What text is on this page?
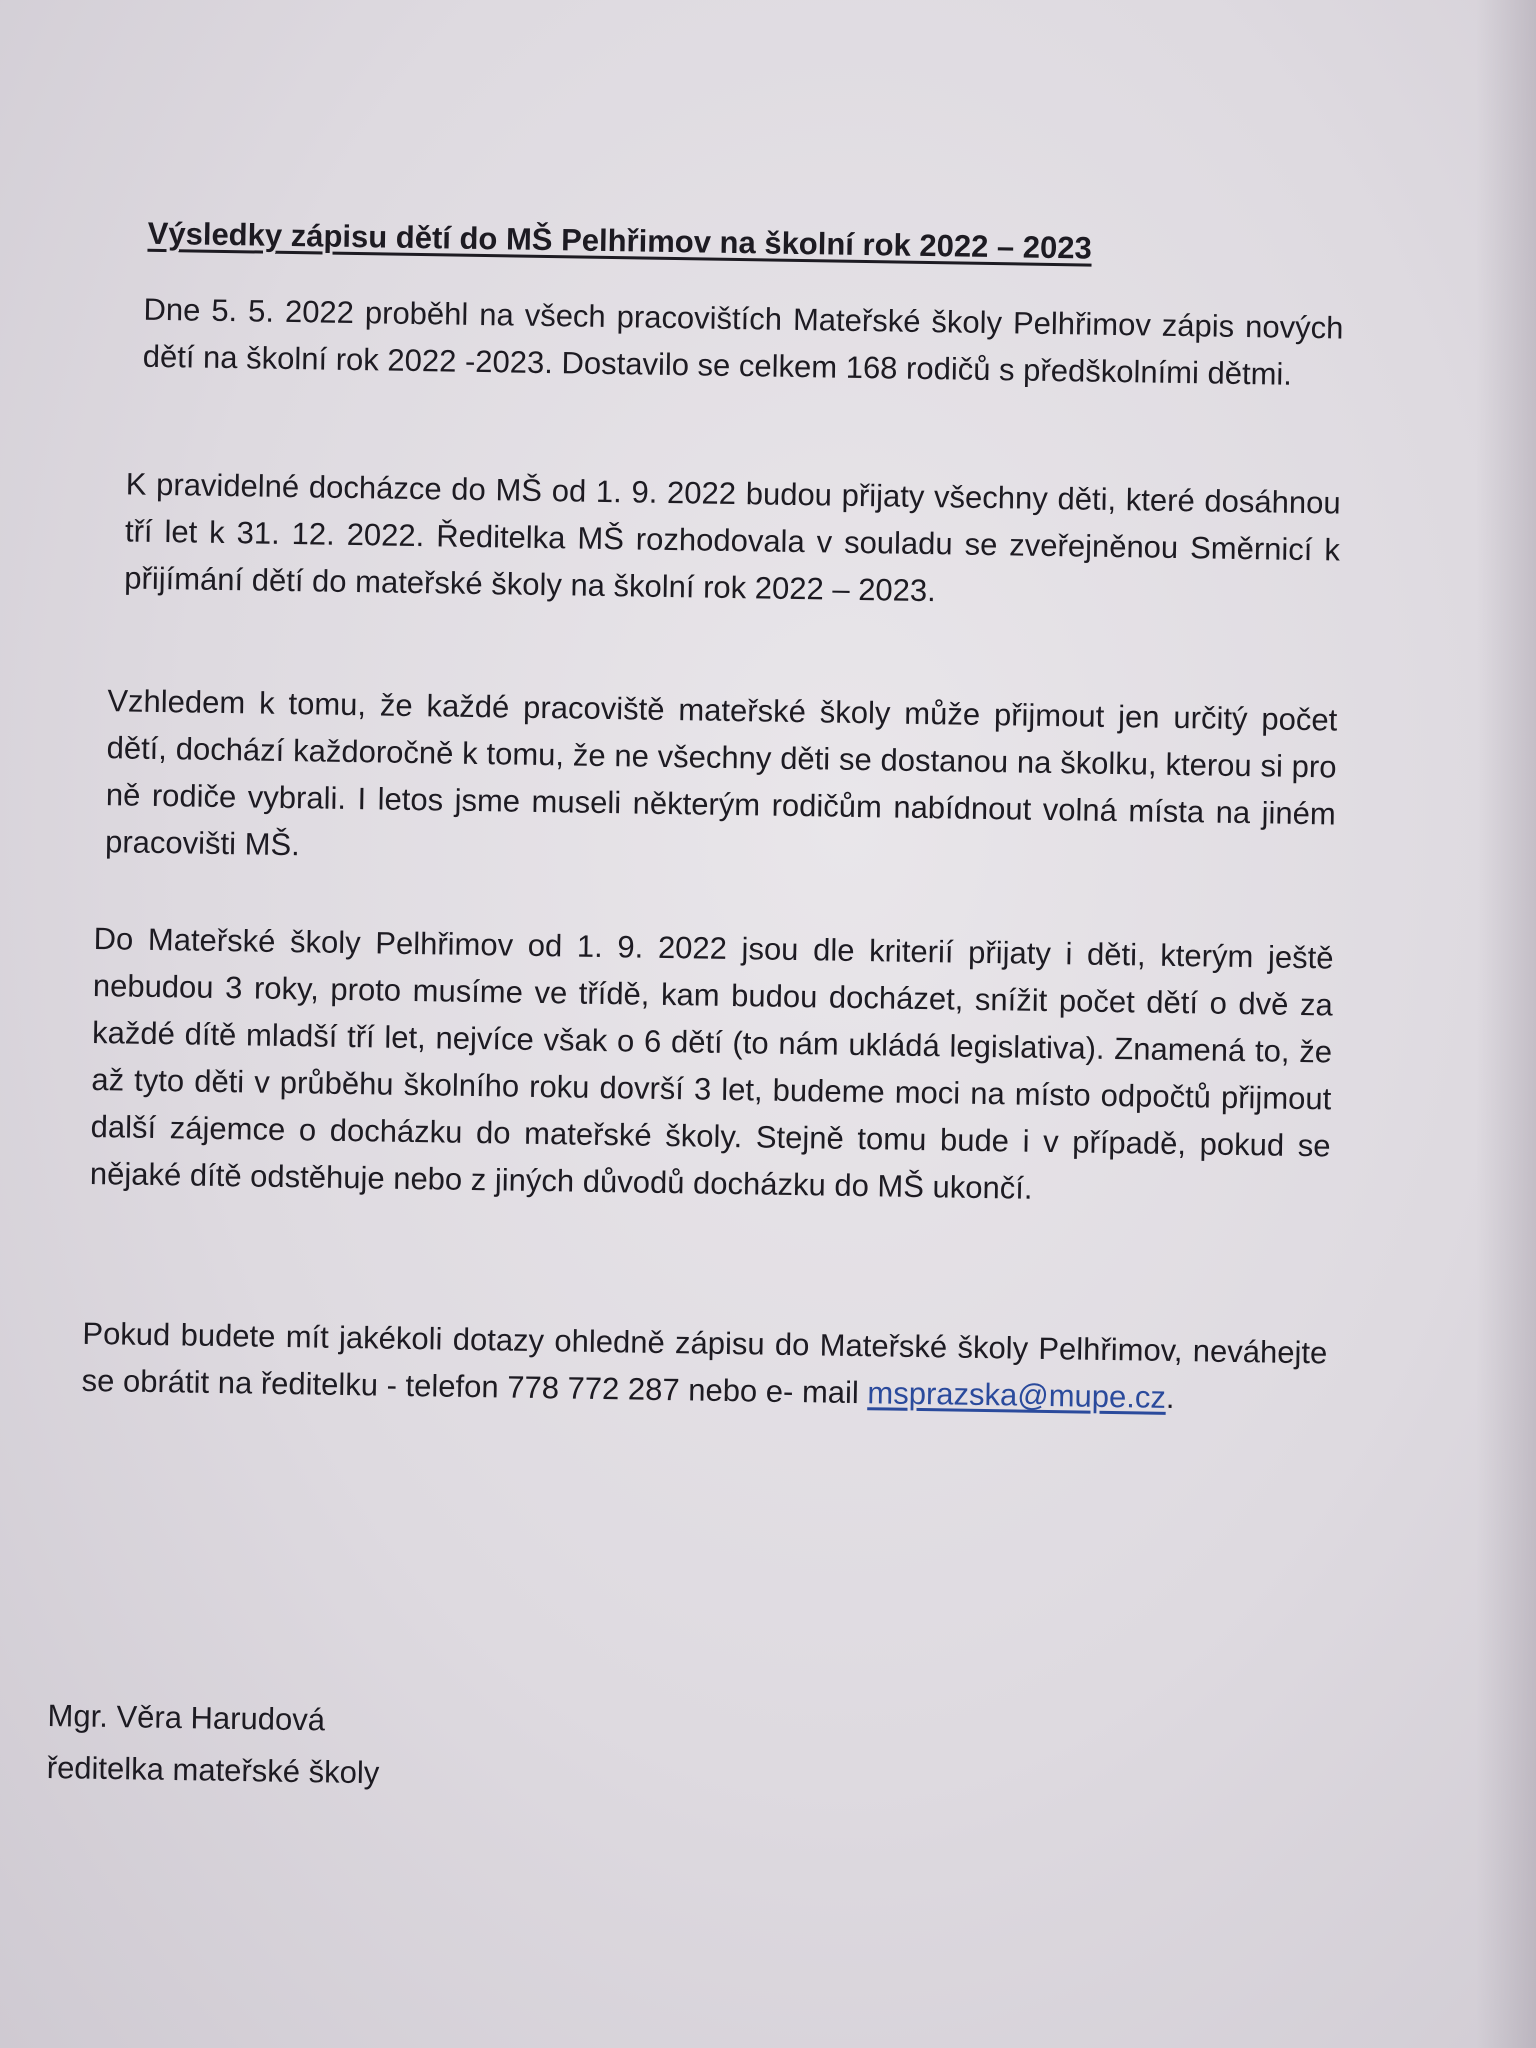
Výsledky zápisu dětí do MŠ Pelhřimov na školní rok 2022 – 2023

Dne 5. 5. 2022 proběhl na všech pracovištích Mateřské školy Pelhřimov zápis nových dětí na školní rok 2022 -2023. Dostavilo se celkem 168 rodičů s předškolními dětmi.

K pravidelné docházce do MŠ od 1. 9. 2022 budou přijaty všechny děti, které dosáhnou tří let k 31. 12. 2022. Ředitelka MŠ rozhodovala v souladu se zveřejněnou Směrnicí k přijímání dětí do mateřské školy na školní rok 2022 – 2023.

Vzhledem k tomu, že každé pracoviště mateřské školy může přijmout jen určitý počet dětí, dochází každoročně k tomu, že ne všechny děti se dostanou na školku, kterou si pro ně rodiče vybrali. I letos jsme museli některým rodičům nabídnout volná místa na jiném pracovišti MŠ.

Do Mateřské školy Pelhřimov od 1. 9. 2022 jsou dle kriterií přijaty i děti, kterým ještě nebudou 3 roky, proto musíme ve třídě, kam budou docházet, snížit počet dětí o dvě za každé dítě mladší tří let, nejvíce však o 6 dětí (to nám ukládá legislativa). Znamená to, že až tyto děti v průběhu školního roku dovrší 3 let, budeme moci na místo odpočtů přijmout další zájemce o docházku do mateřské školy. Stejně tomu bude i v případě, pokud se nějaké dítě odstěhuje nebo z jiných důvodů docházku do MŠ ukončí.

Pokud budete mít jakékoli dotazy ohledně zápisu do Mateřské školy Pelhřimov, neváhejte se obrátit na ředitelku - telefon 778 772 287 nebo e- mail msprazska@mupe.cz.

Mgr. Věra Harudová
ředitelka mateřské školy
